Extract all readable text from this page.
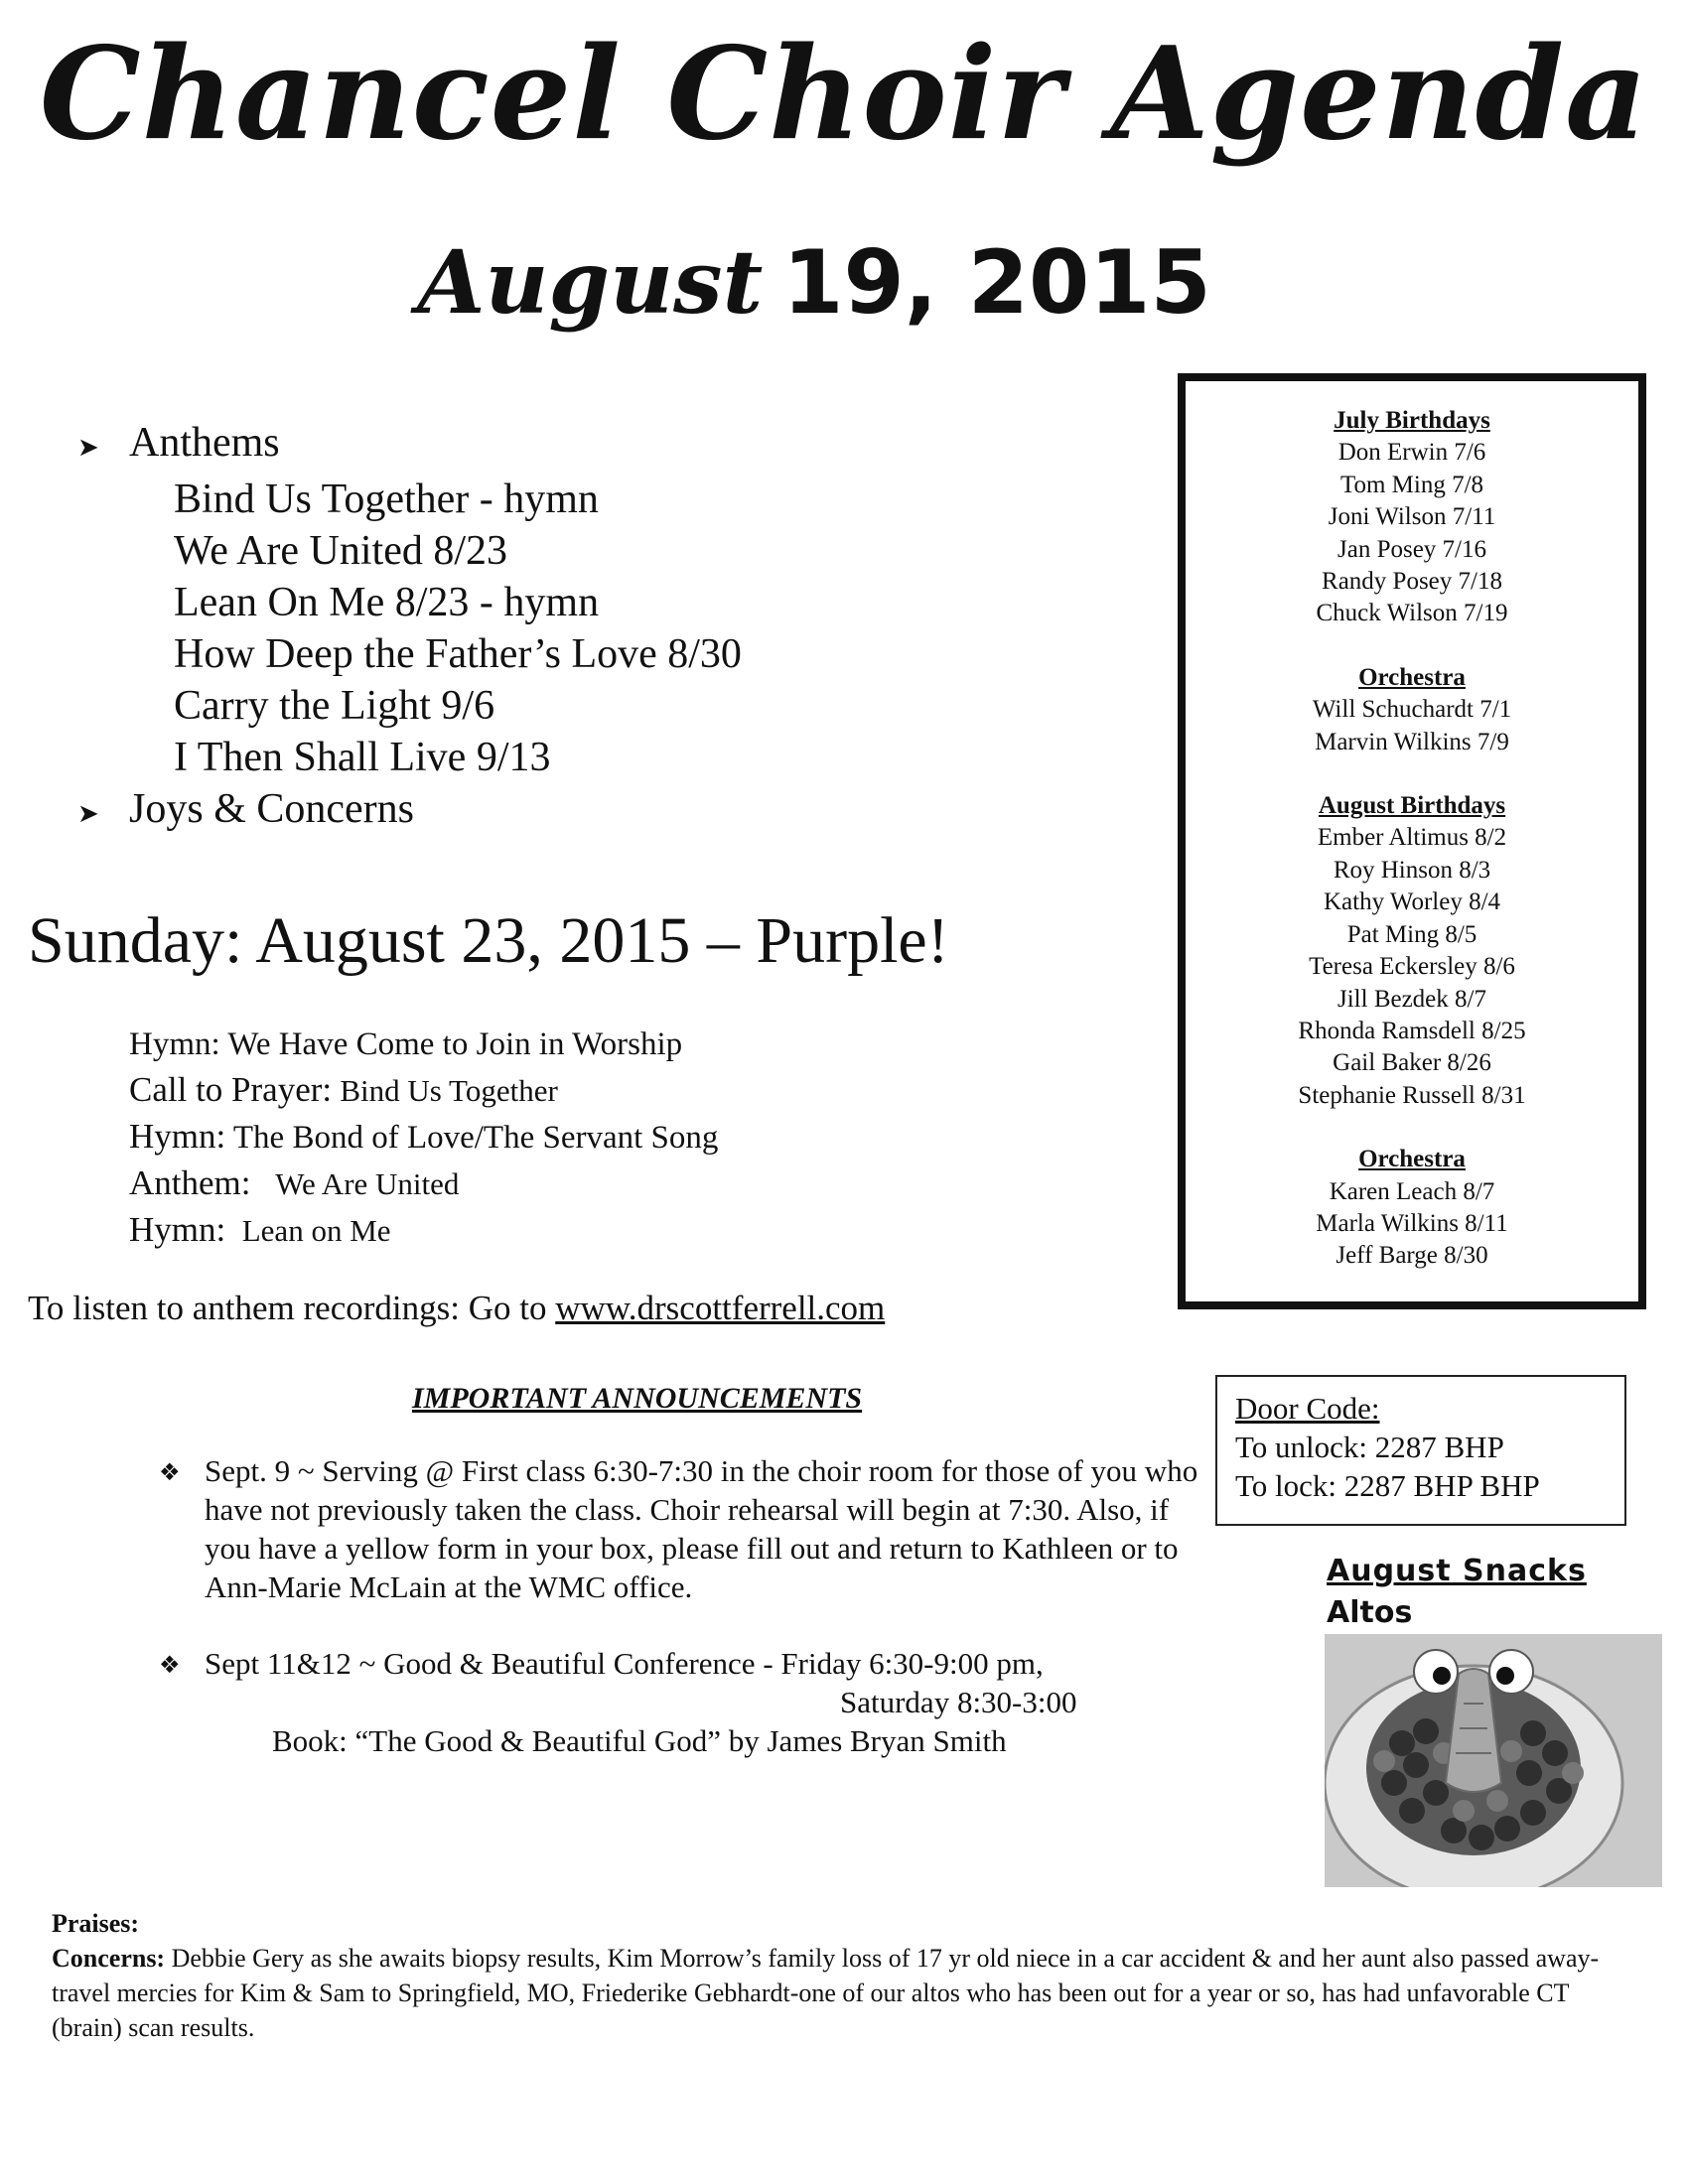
Chancel Choir Agenda
August 19, 2015
➤ Anthems
Bind Us Together - hymn
We Are United 8/23
Lean On Me 8/23 - hymn
How Deep the Father’s Love 8/30
Carry the Light 9/6
I Then Shall Live 9/13
➤ Joys & Concerns
Sunday: August 23, 2015 – Purple!
Hymn: We Have Come to Join in Worship
Call to Prayer: Bind Us Together
Hymn: The Bond of Love/The Servant Song
Anthem: We Are United
Hymn: Lean on Me
To listen to anthem recordings: Go to www.drscottferrell.com
IMPORTANT ANNOUNCEMENTS
❖ Sept. 9 ~ Serving @ First class 6:30-7:30 in the choir room for those of you who have not previously taken the class. Choir rehearsal will begin at 7:30. Also, if you have a yellow form in your box, please fill out and return to Kathleen or to Ann-Marie McLain at the WMC office.
❖ Sept 11&12 ~ Good & Beautiful Conference - Friday 6:30-9:00 pm,
Saturday 8:30-3:00
Book: “The Good & Beautiful God” by James Bryan Smith
July Birthdays
Don Erwin 7/6
Tom Ming 7/8
Joni Wilson 7/11
Jan Posey 7/16
Randy Posey 7/18
Chuck Wilson 7/19
Orchestra
Will Schuchardt 7/1
Marvin Wilkins 7/9
August Birthdays
Ember Altimus 8/2
Roy Hinson 8/3
Kathy Worley 8/4
Pat Ming 8/5
Teresa Eckersley 8/6
Jill Bezdek 8/7
Rhonda Ramsdell 8/25
Gail Baker 8/26
Stephanie Russell 8/31
Orchestra
Karen Leach 8/7
Marla Wilkins 8/11
Jeff Barge 8/30
Door Code:
To unlock: 2287 BHP
To lock: 2287 BHP BHP
August Snacks
Altos
Praises:
Concerns: Debbie Gery as she awaits biopsy results, Kim Morrow’s family loss of 17 yr old niece in a car accident & and her aunt also passed away- travel mercies for Kim & Sam to Springfield, MO, Friederike Gebhardt-one of our altos who has been out for a year or so, has had unfavorable CT (brain) scan results.
